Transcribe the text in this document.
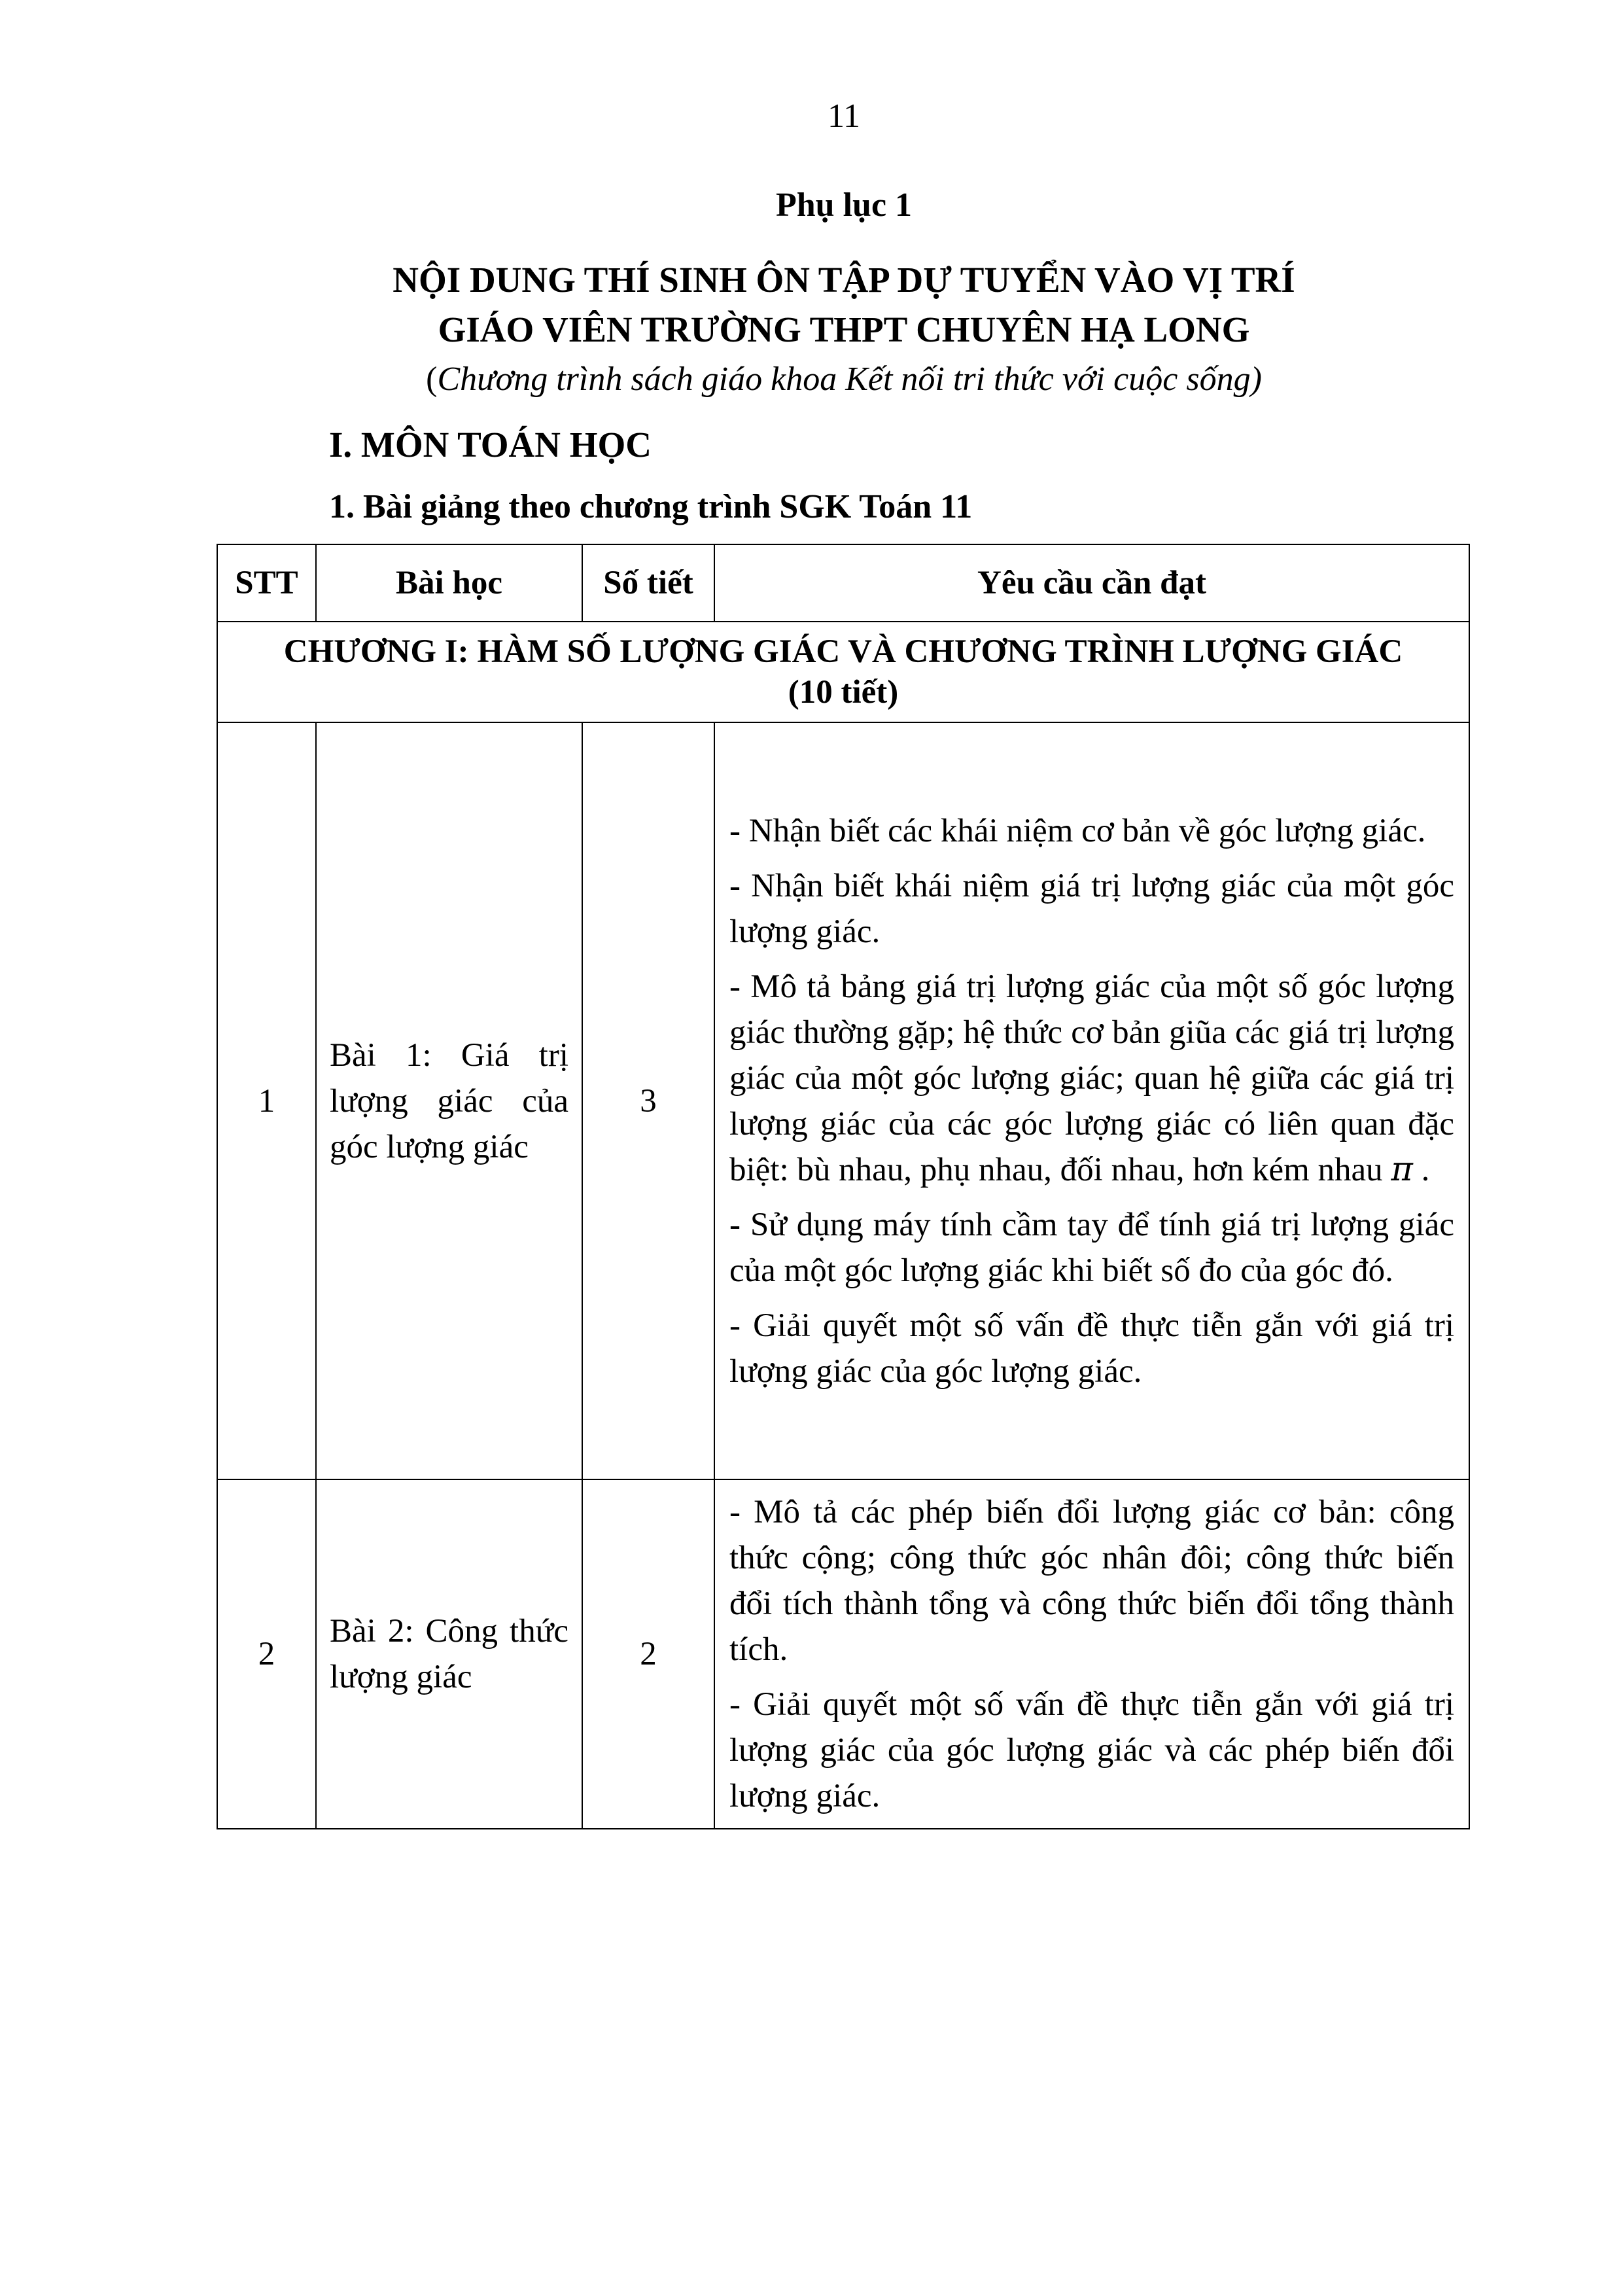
11
Phụ lục 1
NỘI DUNG THÍ SINH ÔN TẬP DỰ TUYỂN VÀO VỊ TRÍ
GIÁO VIÊN TRƯỜNG THPT CHUYÊN HẠ LONG
(Chương trình sách giáo khoa Kết nối tri thức với cuộc sống)
I. MÔN TOÁN HỌC
1. Bài giảng theo chương trình SGK Toán 11
STT	Bài học	Số tiết	Yêu cầu cần đạt

CHƯƠNG I: HÀM SỐ LƯỢNG GIÁC VÀ CHƯƠNG TRÌNH LƯỢNG GIÁC
(10 tiết)			

1	Bài 1: Giá trị lượng giác của góc lượng giác	3	- Nhận biết các khái niệm cơ bản về góc lượng giác.
- Nhận biết khái niệm giá trị lượng giác của một góc lượng giác.
- Mô tả bảng giá trị lượng giác của một số góc lượng giác thường gặp; hệ thức cơ bản giũa các giá trị lượng giác của một góc lượng giác; quan hệ giữa các giá trị lượng giác của các góc lượng giác có liên quan đặc biệt: bù nhau, phụ nhau, đối nhau, hơn kém nhau π .
- Sử dụng máy tính cầm tay để tính giá trị lượng giác của một góc lượng giác khi biết số đo của góc đó.
- Giải quyết một số vấn đề thực tiễn gắn với giá trị lượng giác của góc lượng giác.

2	Bài 2: Công thức lượng giác	2	- Mô tả các phép biến đổi lượng giác cơ bản: công thức cộng; công thức góc nhân đôi; công thức biến đổi tích thành tổng và công thức biến đổi tổng thành tích.
- Giải quyết một số vấn đề thực tiễn gắn với giá trị lượng giác của góc lượng giác và các phép biến đổi lượng giác.
